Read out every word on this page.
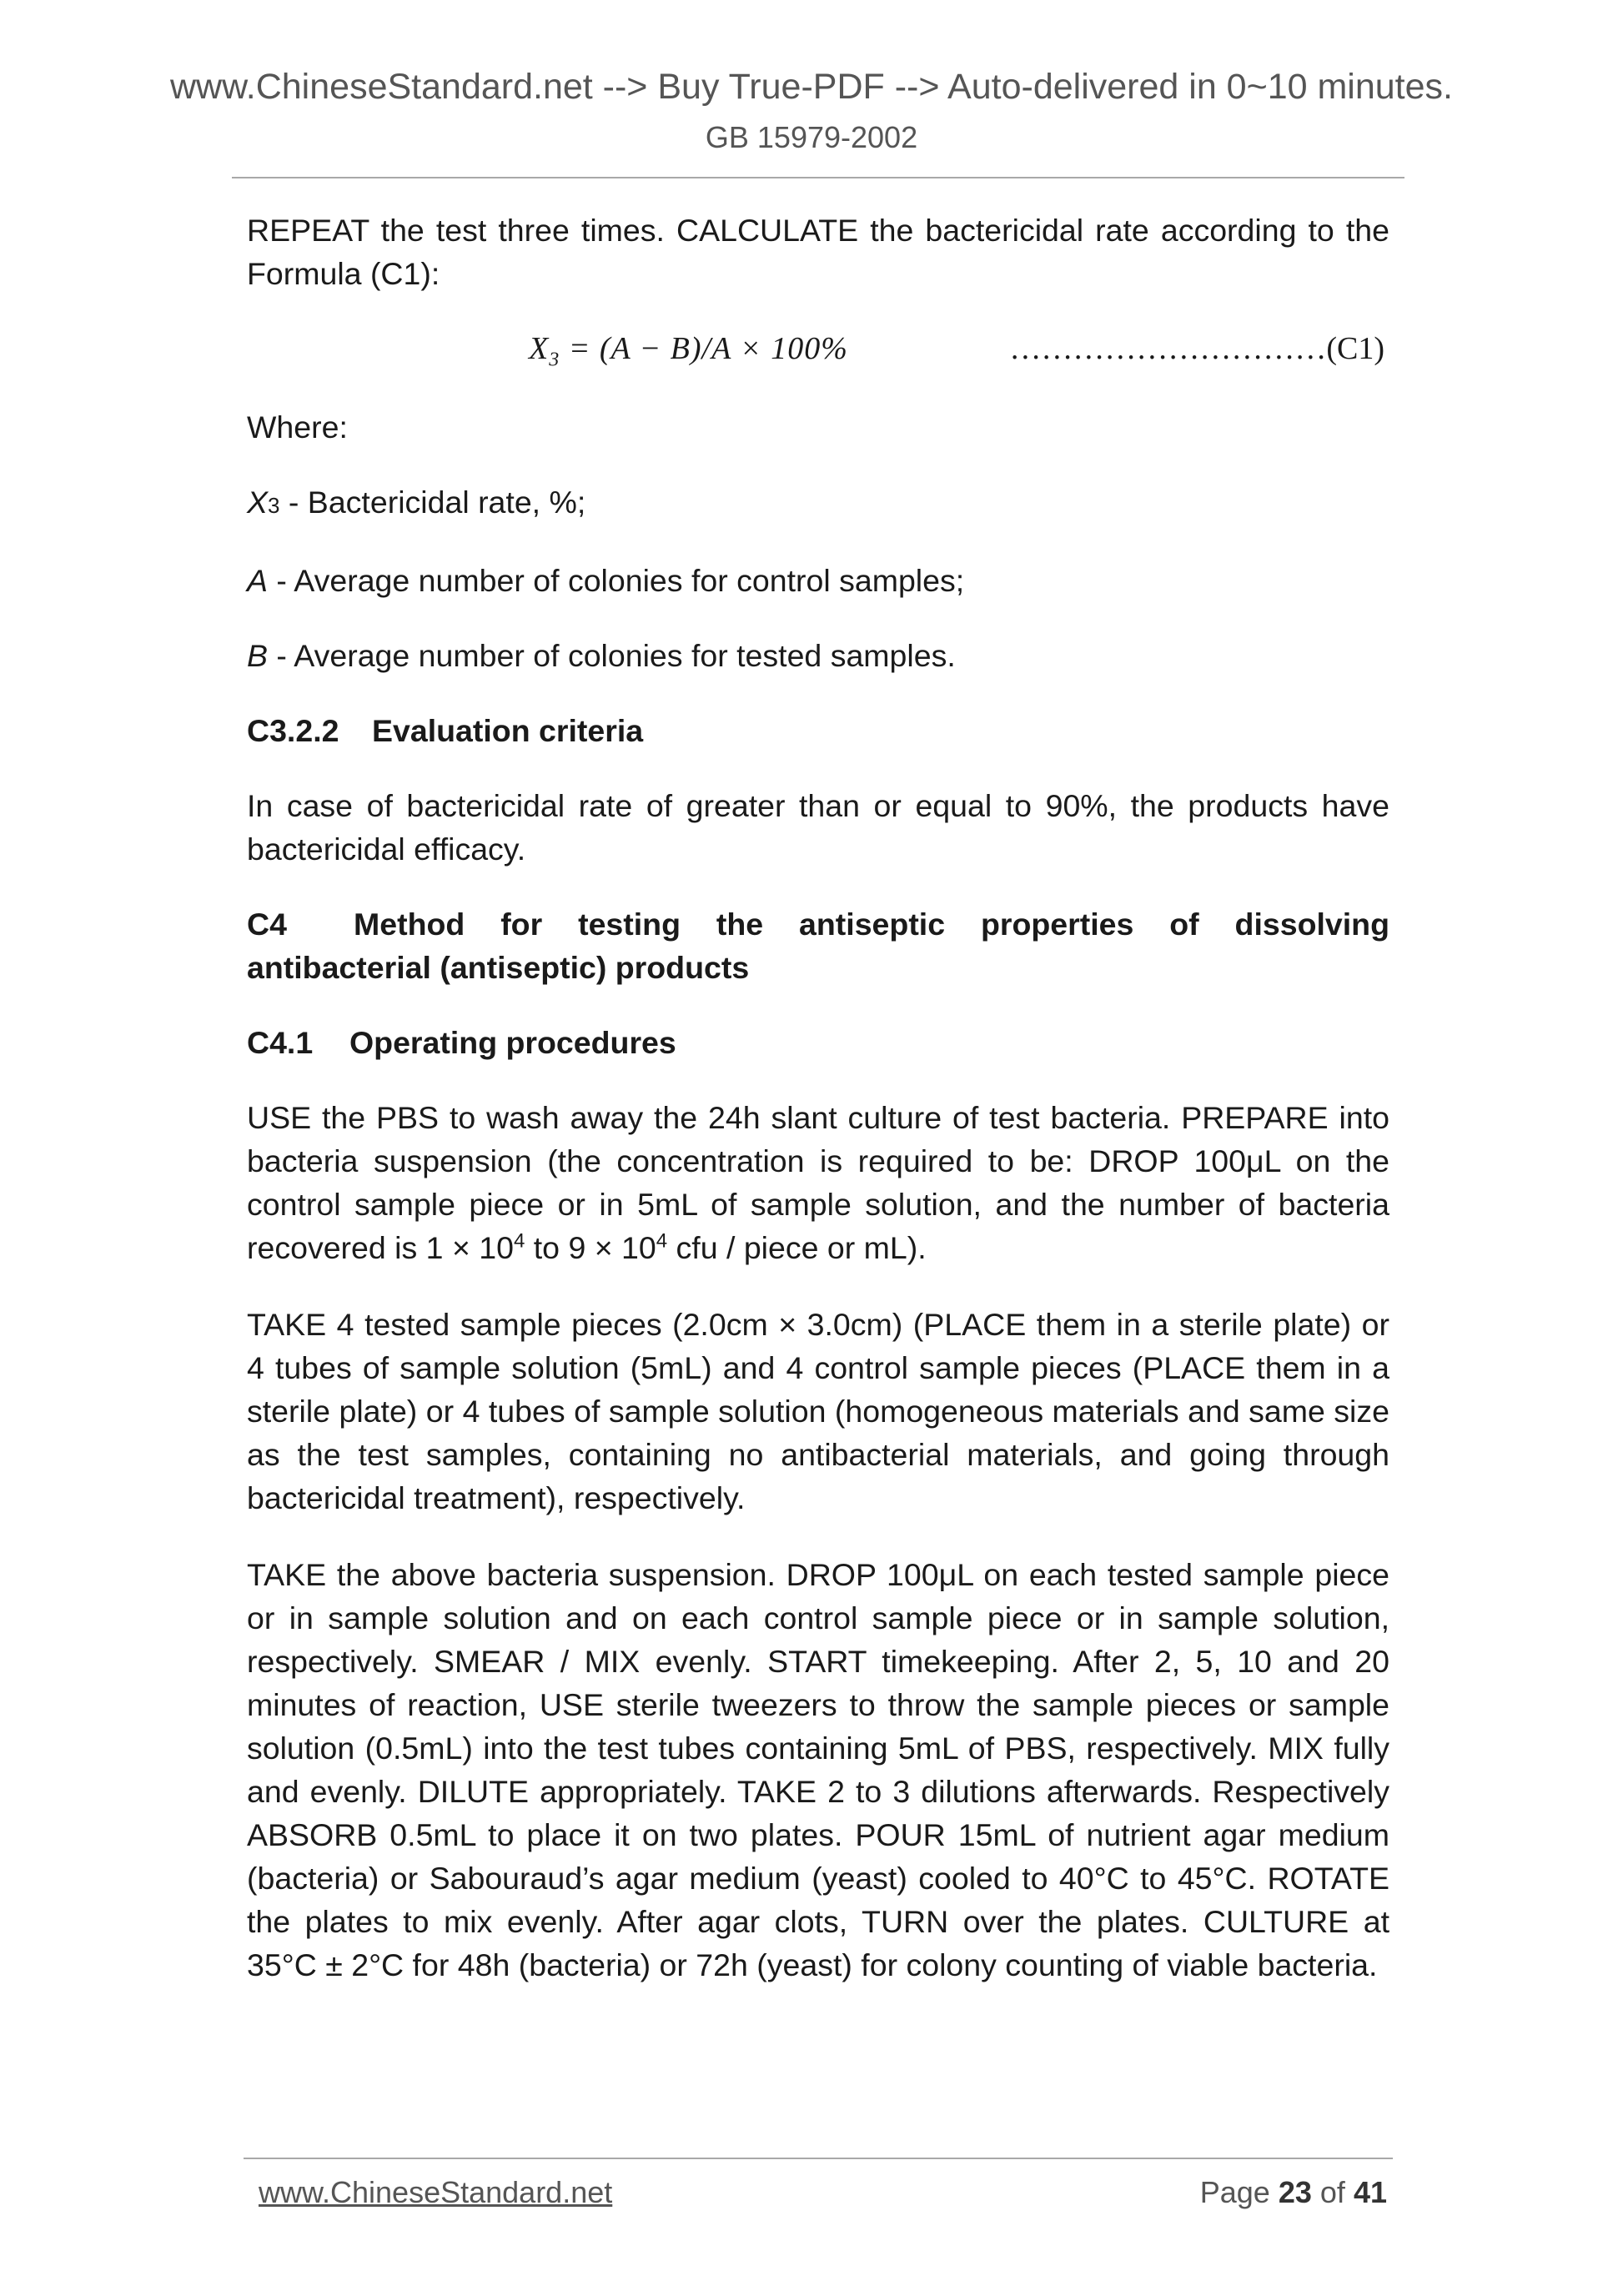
www.ChineseStandard.net --> Buy True-PDF --> Auto-delivered in 0~10 minutes.
GB 15979-2002

REPEAT the test three times. CALCULATE the bactericidal rate according to the Formula (C1):

$X_3 = (A - B)/A \times 100\%$	…………………………(C1)

Where:

X3 - Bactericidal rate, %;

A - Average number of colonies for control samples;

B - Average number of colonies for tested samples.

C3.2.2 Evaluation criteria

In case of bactericidal rate of greater than or equal to 90%, the products have bactericidal efficacy.

C4 Method for testing the antiseptic properties of dissolving antibacterial (antiseptic) products

C4.1 Operating procedures

USE the PBS to wash away the 24h slant culture of test bacteria. PREPARE into bacteria suspension (the concentration is required to be: DROP 100μL on the control sample piece or in 5mL of sample solution, and the number of bacteria recovered is $1 \times 10^4$ to $9 \times 10^4$ cfu / piece or mL).

TAKE 4 tested sample pieces (2.0cm × 3.0cm) (PLACE them in a sterile plate) or 4 tubes of sample solution (5mL) and 4 control sample pieces (PLACE them in a sterile plate) or 4 tubes of sample solution (homogeneous materials and same size as the test samples, containing no antibacterial materials, and going through bactericidal treatment), respectively.

TAKE the above bacteria suspension. DROP 100μL on each tested sample piece or in sample solution and on each control sample piece or in sample solution, respectively. SMEAR / MIX evenly. START timekeeping. After 2, 5, 10 and 20 minutes of reaction, USE sterile tweezers to throw the sample pieces or sample solution (0.5mL) into the test tubes containing 5mL of PBS, respectively. MIX fully and evenly. DILUTE appropriately. TAKE 2 to 3 dilutions afterwards. Respectively ABSORB 0.5mL to place it on two plates. POUR 15mL of nutrient agar medium (bacteria) or Sabouraud’s agar medium (yeast) cooled to 40°C to 45°C. ROTATE the plates to mix evenly. After agar clots, TURN over the plates. CULTURE at 35°C ± 2°C for 48h (bacteria) or 72h (yeast) for colony counting of viable bacteria.

www.ChineseStandard.net	Page 23 of 41
